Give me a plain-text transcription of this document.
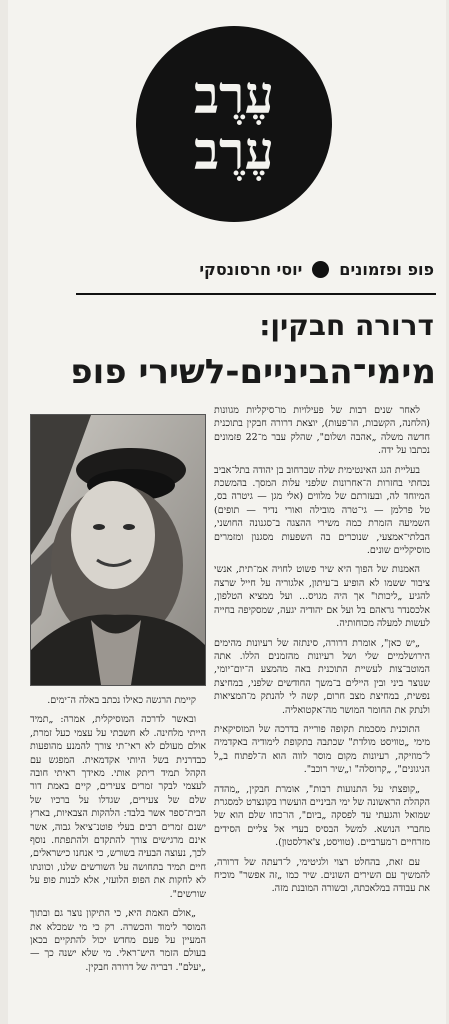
עֶרֶב
עֶרֶב
פופ ופזמונים
יוסי חרסונסקי
דרורה חבקין:
מימי־הביניים-לשירי פופ

לאחר שנים רבות של פעילויות מו־סיקליות מגוונות (הלחנה, הקשבות, הו־פעות), יוצאת דרורה חבקין בתוכנית חדשה משלה „אהבה ושלום", שהלק עבר מ־22 פזמונים נכתבו על ידה.

בעליית הגג האינטימית שלה שברחוב בן יהודה בתל־אביב נכחתי בחזרות ה־אחרונות שלפני עלות המסך. בהמשכת המיוחד לה, ובעזרתם של מלווים (אלי מגן — גיטרה בס, טל פרלמן — גי־טרה מובילה ואורי נדיר — תופים) השמיעה הזמרת כמה משירי ההצגה ב־סגנונה החושני, הבלתי־אמצעי, שנוכרים בה השפעות מסגנון ומזמרים מוסיקליים שונים.

האמנות של הפוך היא שיר פשוט לחויה אמ־תית, אנשי ציבור ששמו לא הופיע ב־עיתון, אלגוריה על חייל שרצה להגיע „ליכותו" אך היה מגויס... ועל ממציא הטלפון, אלכסנדר גראהם בל ועל אם יהודיה יגעה, שמסקיפה בחייה לעשות למעלה מכוחותיה.

„יש כאן", אומרת דרורה, סינתזה של רעיונות מהימים הירושלמיים שלי ושל רעיונות מהזמנים הללו. אתה המוטב־צות לעשיית התוכנית באה מהמצע ה־יום־יומי, שנוצר ביני ובין היילים ב־משך החודשים שלפני, במחיצת נפשית, במחיצת מצב חרום, קשה לי להנתק מ־המציאות ולנתק את החומר המושר מה־אקטואליה.

התוכנית מסכמת תקופה פורייה בדרכה של המוסיקאית מימי „טוויסט מולדת" שכתבה בתקופת לימודיה באקדמיה ל־מוזיקה, רעיונות מקום מוסר לווה הוא ה־לפתוח ב„ל הניגונים", „קרוסלה" ו„שיר רוכב".

„קופצתי על התנועות רבות", אומרת חבקין, „מהדה הקהלת הראשונה של ימי הביניים הועשרו בקונצרט למסגרת שמואל והגעתי עד לפסקה „ביום", הו־כחו שלם הוא של מחברי הנושא. למשל הבסיס בעדי אל צליים הסידים מזרחיים ו־מערביים. (טוויסט, צ'ארלסטון).

עם זאת, בהחלט רצוי ולגיטימי, ל־דעתה של דרורה, להמשיך עם השירים השונים. שיר כמו „זה אפשר" מוכיח את עבודה במלאכתה, ובשורה המובנת מזה.

קיימת הרגשה כאילו נכתב באלה ה־ימים.

ובאשר לדרכה המוסיקלית, אמרה: „תמיד הייתי מלחינה. לא חשבתי על עצמי כעל זמרת, אולם מעולם לא ראי־תי צורך להמנע מהופעות כבדרנית בשל היותי אקדמאית. המפגש עם הקהל תמיד ריתק אותי. מאידך ראיתי חובה לעצמי לבקר זמרים צעירים, קיים באמת דור שלם של צעירים, שגדלו על ברכיו של הבית־ספר אשר בלבד: הלהקות הצבאיות, בארץ ישנם זמרים רבים בעלי פוטנ־ציאל גבוה, אשר אינם מרגישים צורך להתקדם ולהתפתח. נוסף לכך, נעוצה הבעיה בשורש, כי אנחנו כישראלים, חיים תמיד בתחושה על השורשים שלנו, וכוונתו לא לחקות את הפופ הלועזי, אלא לבנות פופ על שורשים".

„אולם האמת היא, כי התיקון נוצר גם ובתוך המוסר לימוד והכשרה. רק כי מי שמכלא את המעיין על פעם מחדש יכול להתקיים בכאן בעולם הזמר היש־ראלי. מי שלא ישנה כך — „יעלם". דבריה של דרורה חבקין.
